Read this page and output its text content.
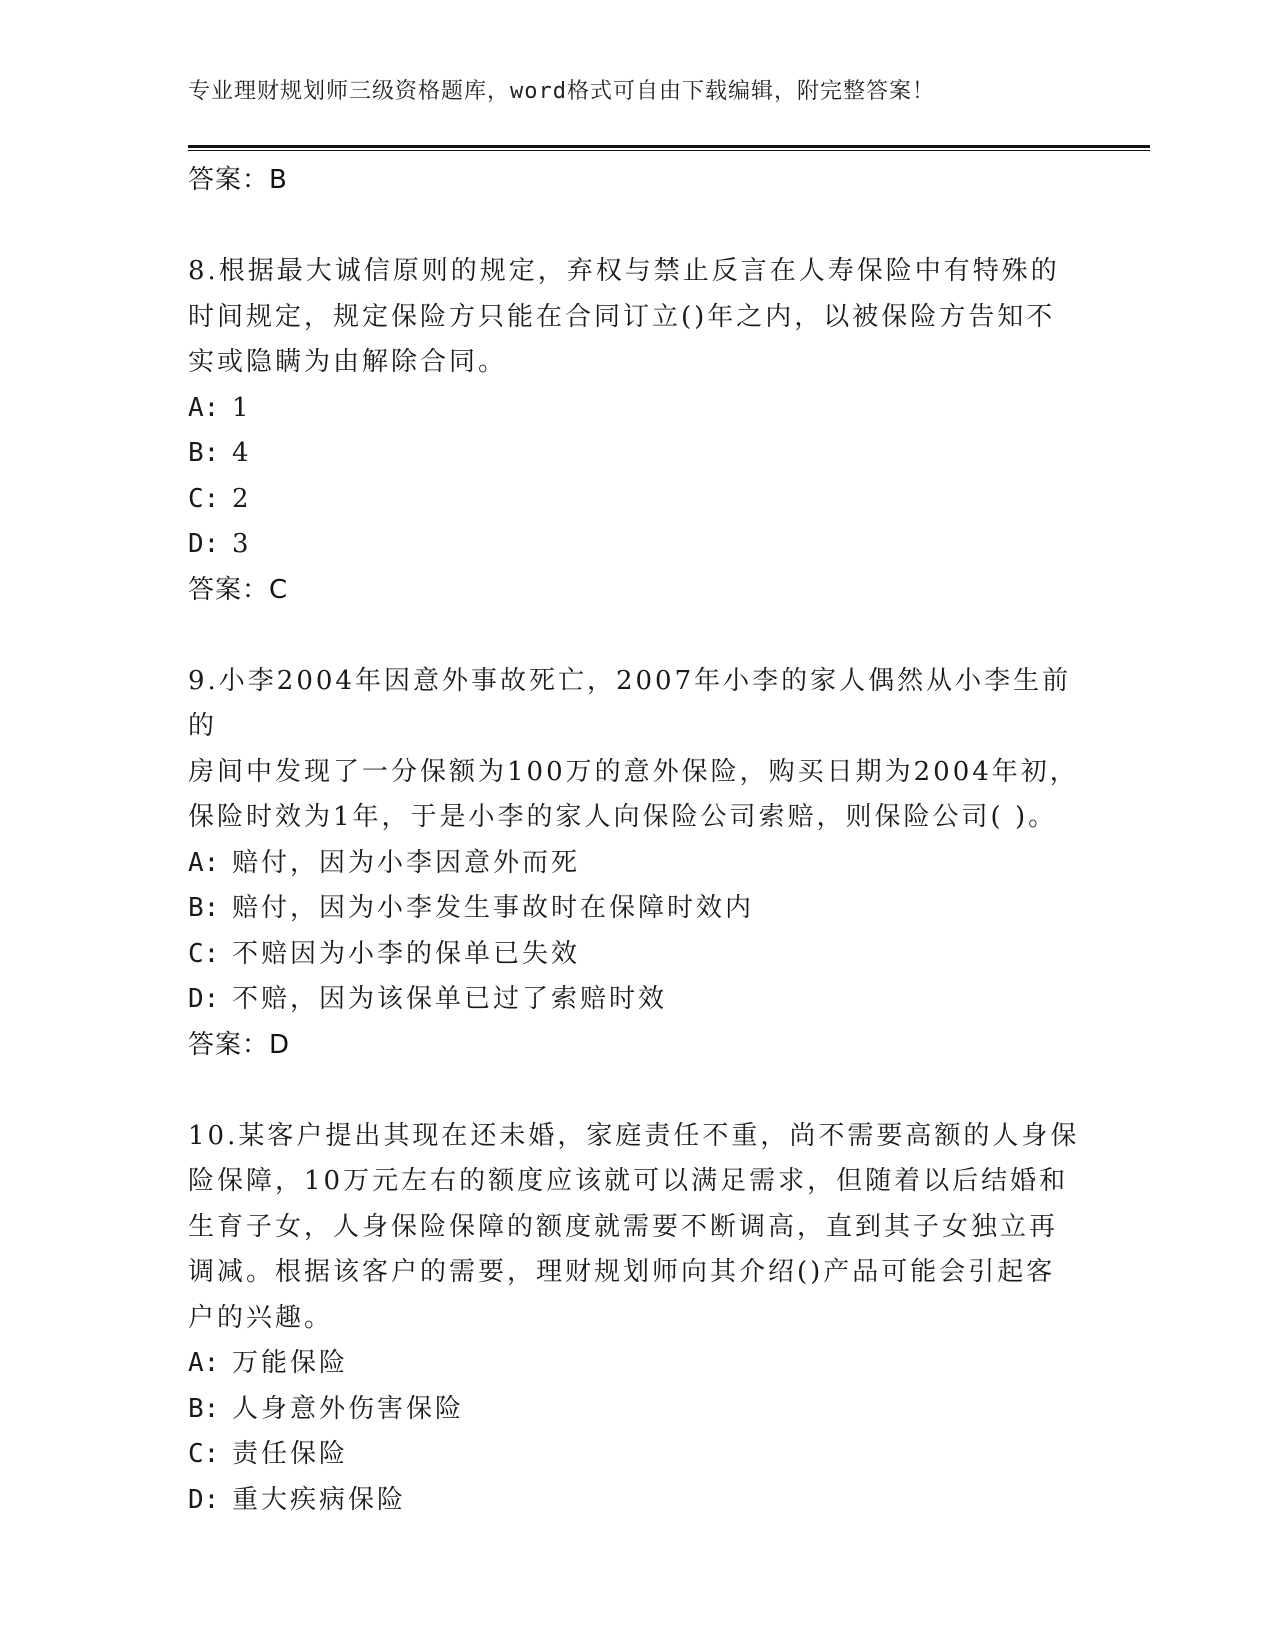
专业理财规划师三级资格题库，word格式可自由下载编辑，附完整答案！
答案：B
8.根据最大诚信原则的规定，弃权与禁止反言在人寿保险中有特殊的
时间规定，规定保险方只能在合同订立()年之内，以被保险方告知不
实或隐瞒为由解除合同。
A: 1
B: 4
C: 2
D: 3
答案：C
9.小李2004年因意外事故死亡，2007年小李的家人偶然从小李生前的
房间中发现了一分保额为100万的意外保险，购买日期为2004年初，
保险时效为1年，于是小李的家人向保险公司索赔，则保险公司( )。
A: 赔付，因为小李因意外而死
B: 赔付，因为小李发生事故时在保障时效内
C: 不赔因为小李的保单已失效
D: 不赔，因为该保单已过了索赔时效
答案：D
10.某客户提出其现在还未婚，家庭责任不重，尚不需要高额的人身保
险保障，10万元左右的额度应该就可以满足需求，但随着以后结婚和
生育子女，人身保险保障的额度就需要不断调高，直到其子女独立再
调减。根据该客户的需要，理财规划师向其介绍()产品可能会引起客
户的兴趣。
A: 万能保险
B: 人身意外伤害保险
C: 责任保险
D: 重大疾病保险
